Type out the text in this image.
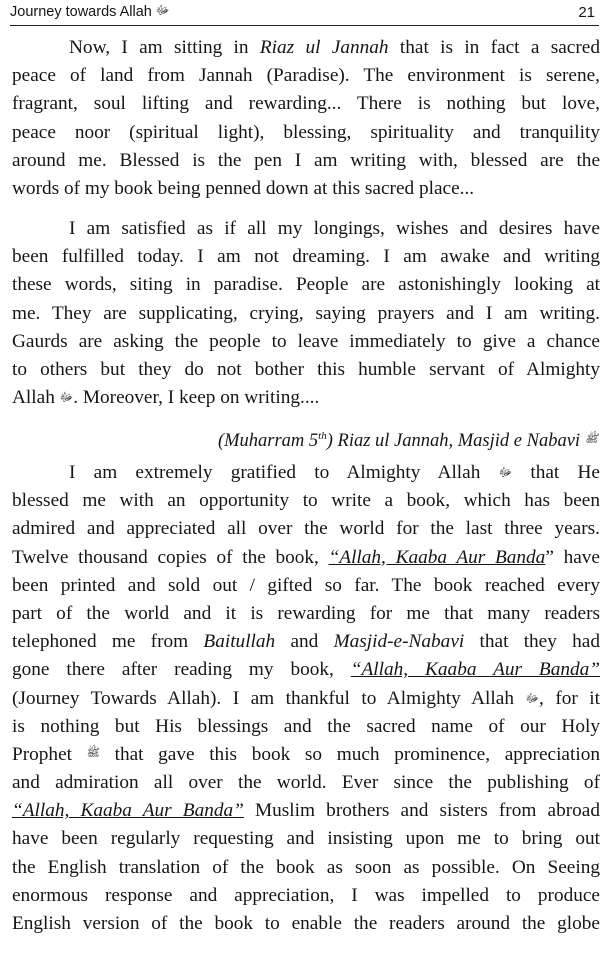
Journey towards Allah ﷻ	21
Now, I am sitting in Riaz ul Jannah that is in fact a sacred
peace of land from Jannah (Paradise). The environment is serene,
fragrant, soul lifting and rewarding... There is nothing but love,
peace noor (spiritual light), blessing, spirituality and tranquility
around me. Blessed is the pen I am writing with, blessed are the
words of my book being penned down at this sacred place...
I am satisfied as if all my longings, wishes and desires have
been fulfilled today. I am not dreaming. I am awake and writing
these words, siting in paradise. People are astonishingly looking at
me. They are supplicating, crying, saying prayers and I am writing.
Gaurds are asking the people to leave immediately to give a chance
to others but they do not bother this humble servant of Almighty
Allah ﷻ. Moreover, I keep on writing....
(Muharram 5th) Riaz ul Jannah, Masjid e Nabavi ﷺ
I am extremely gratified to Almighty Allah ﷻ that He
blessed me with an opportunity to write a book, which has been
admired and appreciated all over the world for the last three years.
Twelve thousand copies of the book, “Allah, Kaaba Aur Banda” have
been printed and sold out / gifted so far. The book reached every
part of the world and it is rewarding for me that many readers
telephoned me from Baitullah and Masjid-e-Nabavi that they had
gone there after reading my book, “Allah, Kaaba Aur Banda”
(Journey Towards Allah). I am thankful to Almighty Allah ﷻ, for it
is nothing but His blessings and the sacred name of our Holy
Prophet ﷺ that gave this book so much prominence, appreciation
and admiration all over the world. Ever since the publishing of
“Allah, Kaaba Aur Banda” Muslim brothers and sisters from abroad
have been regularly requesting and insisting upon me to bring out
the English translation of the book as soon as possible. On Seeing
enormous response and appreciation, I was impelled to produce
English version of the book to enable the readers around the globe
